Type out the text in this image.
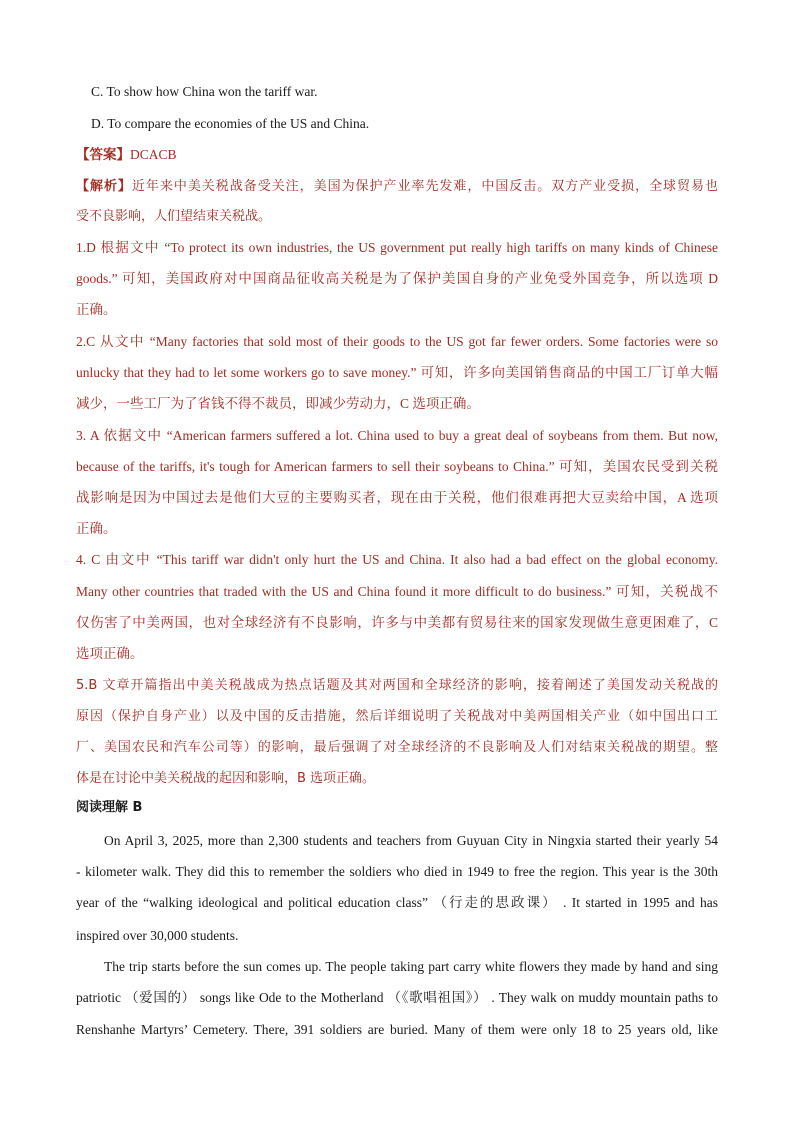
C. To show how China won the tariff war.
D. To compare the economies of the US and China.
【答案】DCACB
【解析】近年来中美关税战备受关注，美国为保护产业率先发难，中国反击。双方产业受损，全球贸易也
受不良影响，人们望结束关税战。
1.D 根据文中 “To protect its own industries, the US government put really high tariffs on many kinds of Chinese
goods.” 可知，美国政府对中国商品征收高关税是为了保护美国自身的产业免受外国竞争，所以选项 D
正确。
2.C 从文中 “Many factories that sold most of their goods to the US got far fewer orders. Some factories were so
unlucky that they had to let some workers go to save money.” 可知，许多向美国销售商品的中国工厂订单大幅
减少，一些工厂为了省钱不得不裁员，即减少劳动力，C 选项正确。
3. A 依据文中 “American farmers suffered a lot. China used to buy a great deal of soybeans from them. But now,
because of the tariffs, it's tough for American farmers to sell their soybeans to China.” 可知，美国农民受到关税
战影响是因为中国过去是他们大豆的主要购买者，现在由于关税，他们很难再把大豆卖给中国，A 选项
正确。
4. C 由文中 “This tariff war didn't only hurt the US and China. It also had a bad effect on the global economy.
Many other countries that traded with the US and China found it more difficult to do business.” 可知，关税战不
仅伤害了中美两国，也对全球经济有不良影响，许多与中美都有贸易往来的国家发现做生意更困难了，C
选项正确。
5.B 文章开篇指出中美关税战成为热点话题及其对两国和全球经济的影响，接着阐述了美国发动关税战的
原因（保护自身产业）以及中国的反击措施，然后详细说明了关税战对中美两国相关产业（如中国出口工
厂、美国农民和汽车公司等）的影响，最后强调了对全球经济的不良影响及人们对结束关税战的期望。整
体是在讨论中美关税战的起因和影响，B 选项正确。
阅读理解 B
On April 3, 2025, more than 2,300 students and teachers from Guyuan City in Ningxia started their yearly 54
- kilometer walk. They did this to remember the soldiers who died in 1949 to free the region. This year is the 30th
year of the “walking ideological and political education class” （行走的思政课） . It started in 1995 and has
inspired over 30,000 students.
The trip starts before the sun comes up. The people taking part carry white flowers they made by hand and sing
patriotic （爱国的） songs like Ode to the Motherland （《歌唱祖国》） . They walk on muddy mountain paths to
Renshanhe Martyrs’ Cemetery. There, 391 soldiers are buried. Many of them were only 18 to 25 years old, like
